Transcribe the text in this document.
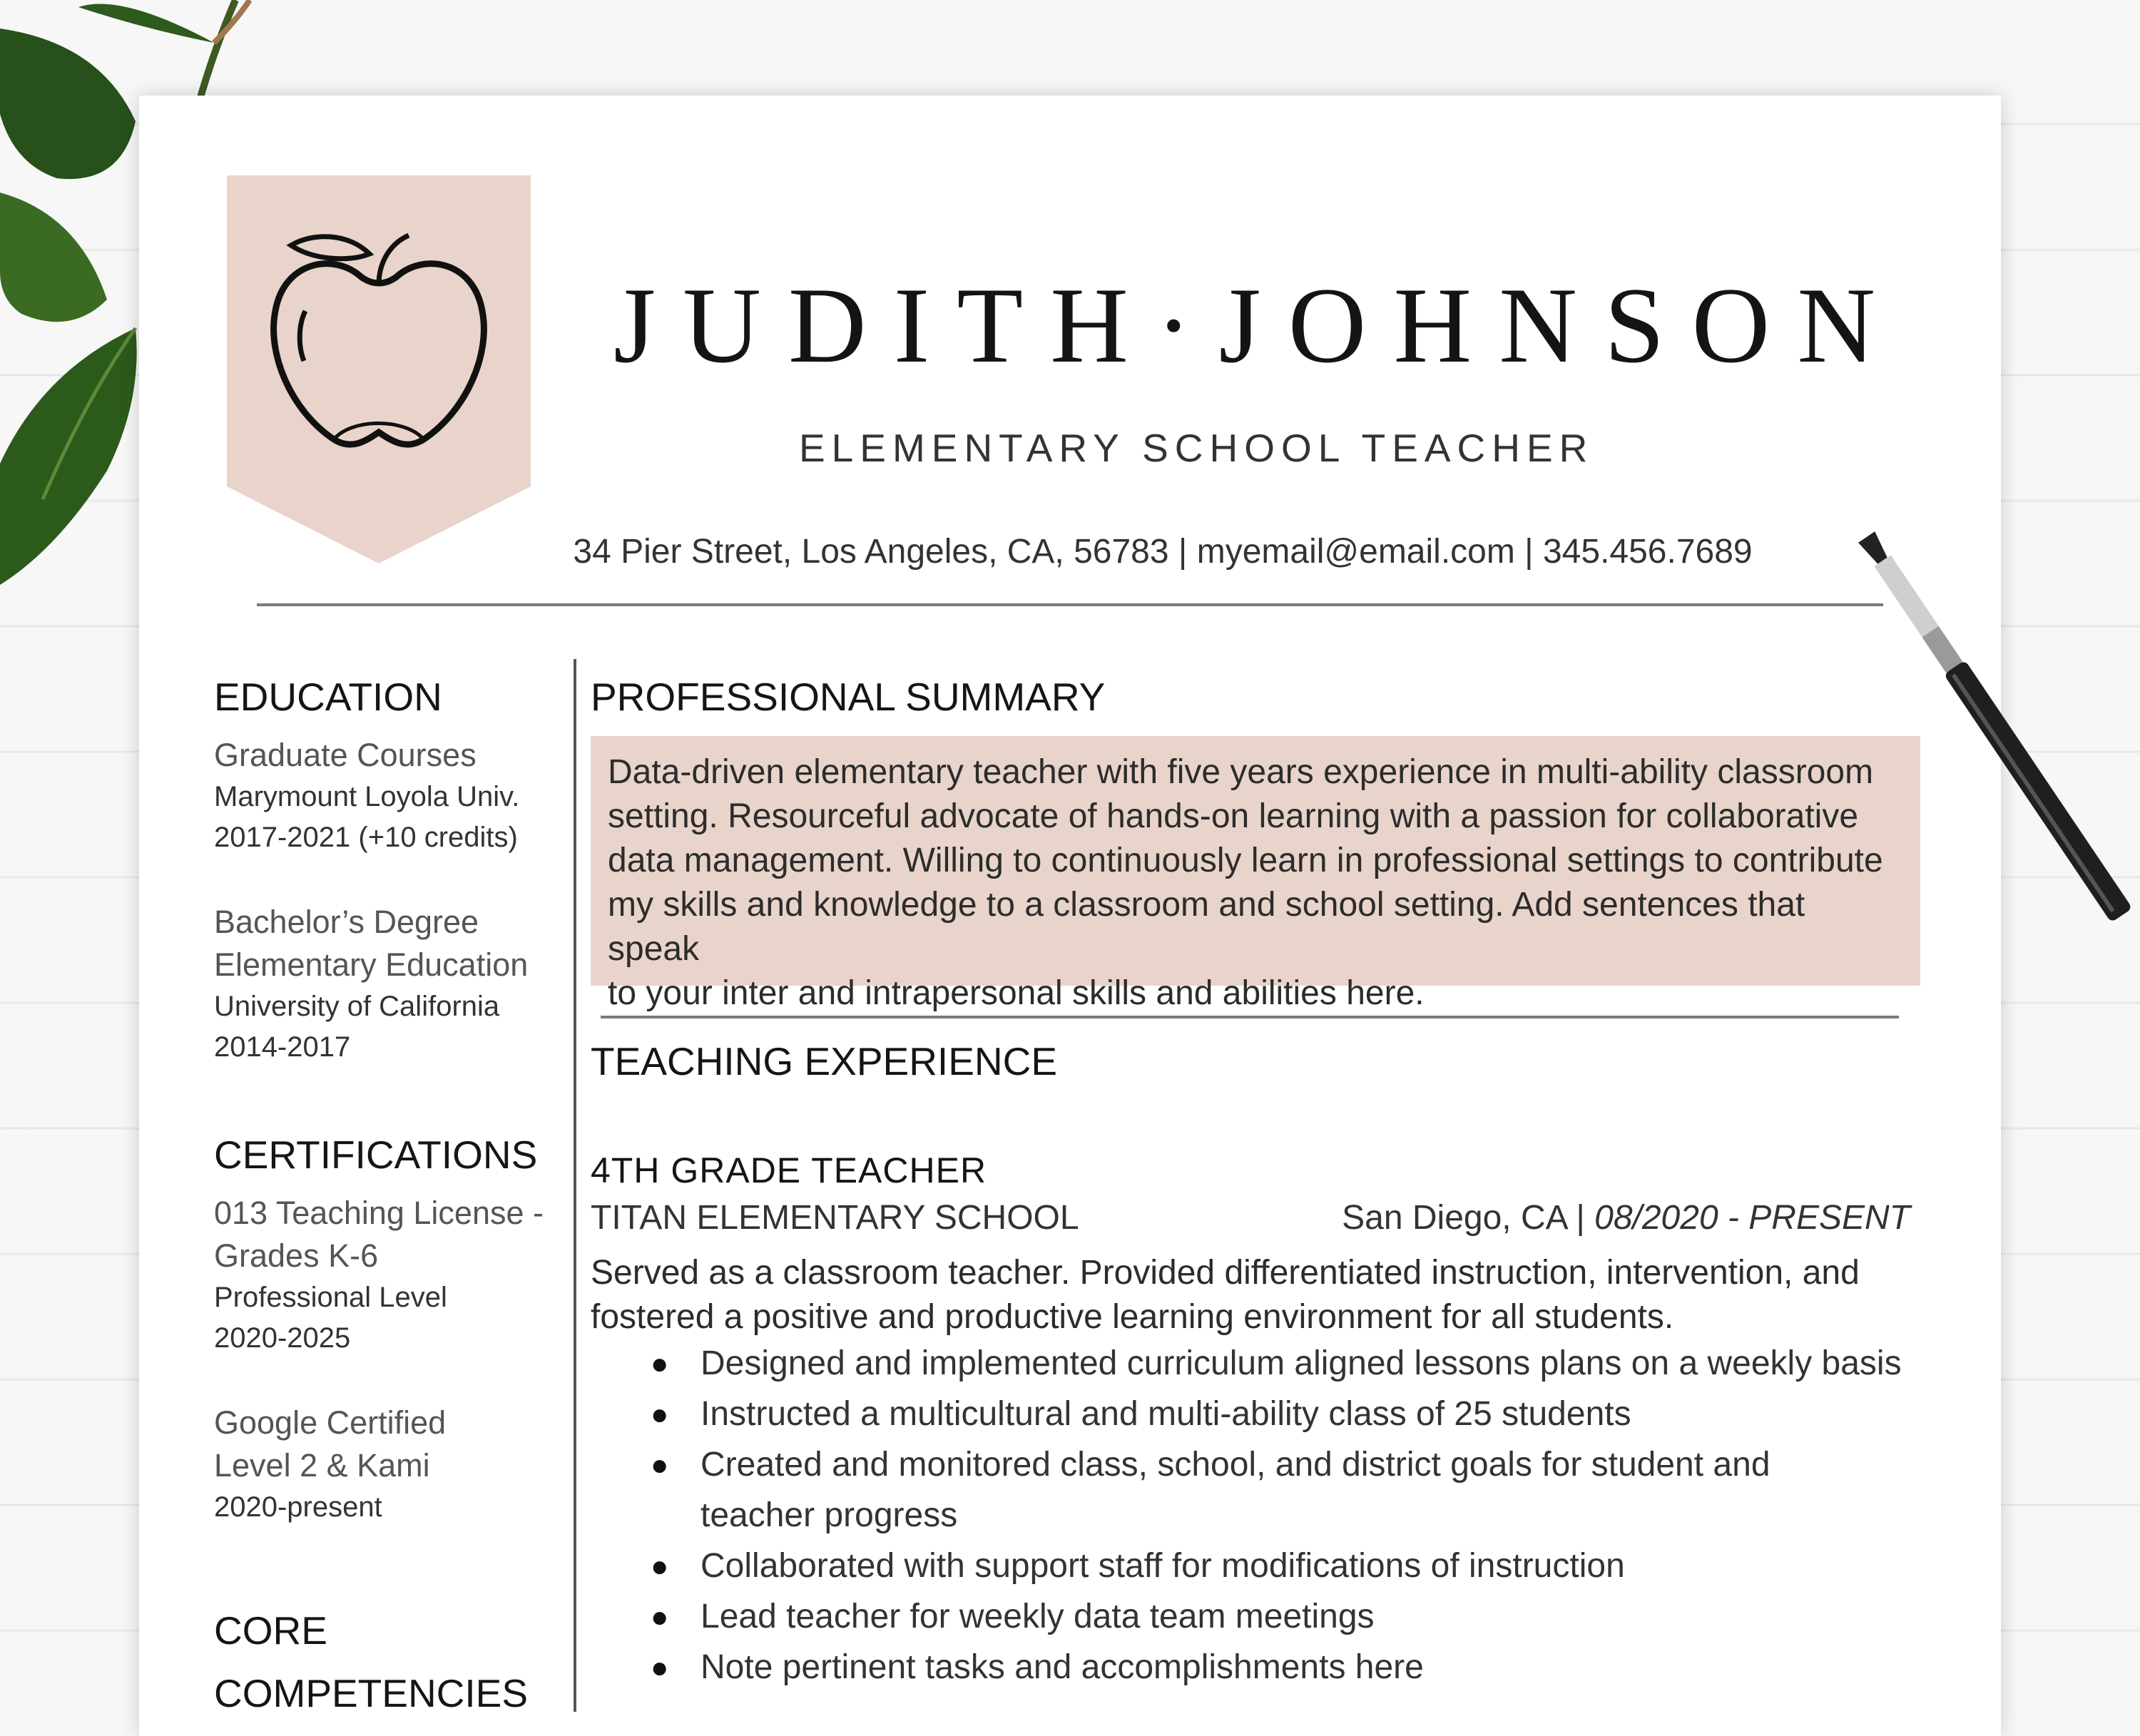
JUDITH·JOHNSON
ELEMENTARY SCHOOL TEACHER
34 Pier Street, Los Angeles, CA, 56783 | myemail@email.com | 345.456.7689
EDUCATION
Graduate Courses
Marymount Loyola Univ.
2017-2021 (+10 credits)
Bachelor’s Degree
Elementary Education
University of California
2014-2017
CERTIFICATIONS
013 Teaching License -
Grades K-6
Professional Level
2020-2025
Google Certified
Level 2 & Kami
2020-present
CORE
COMPETENCIES
PROFESSIONAL SUMMARY
Data-driven elementary teacher with five years experience in multi-ability classroom
setting. Resourceful advocate of hands-on learning with a passion for collaborative
data management. Willing to continuously learn in professional settings to contribute
my skills and knowledge to a classroom and school setting. Add sentences that speak
to your inter and intrapersonal skills and abilities here.
TEACHING EXPERIENCE
4TH GRADE TEACHER
TITAN ELEMENTARY SCHOOL	San Diego, CA | 08/2020 - PRESENT
Served as a classroom teacher. Provided differentiated instruction, intervention, and
fostered a positive and productive learning environment for all students.
● Designed and implemented curriculum aligned lessons plans on a weekly basis
● Instructed a multicultural and multi-ability class of 25 students
● Created and monitored class, school, and district goals for student and
teacher progress
● Collaborated with support staff for modifications of instruction
● Lead teacher for weekly data team meetings
● Note pertinent tasks and accomplishments here
